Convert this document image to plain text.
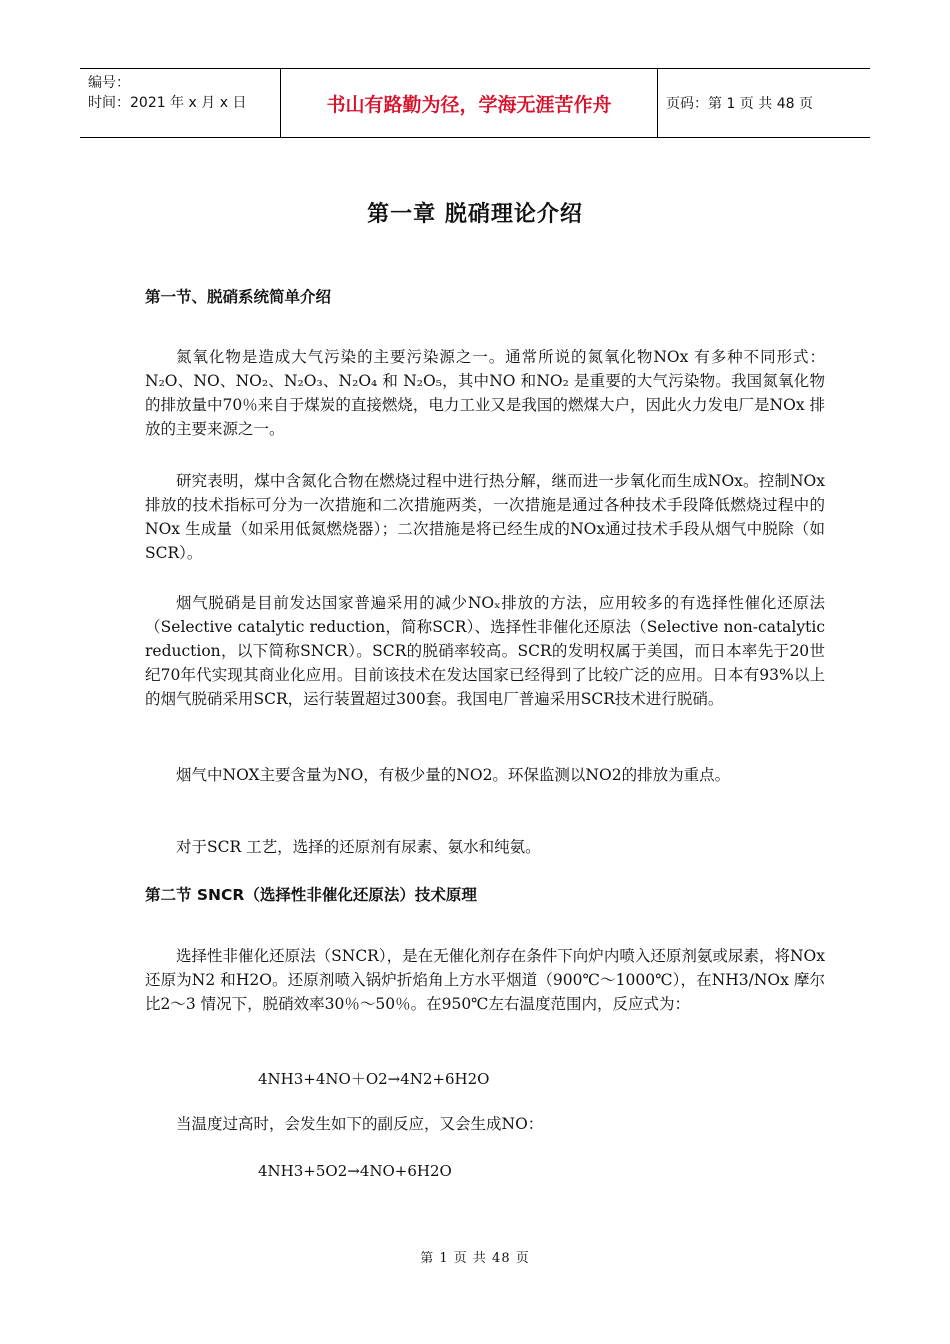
编号：
时间：2021 年 x 月 x 日	书山有路勤为径，学海无涯苦作舟	页码：第 1 页 共 48 页
第一章 脱硝理论介绍
第一节、脱硝系统简单介绍
氮氧化物是造成大气污染的主要污染源之一。通常所说的氮氧化物NOx 有多种不同形式：N₂O、NO、NO₂、N₂O₃、N₂O₄ 和 N₂O₅，其中NO 和NO₂ 是重要的大气污染物。我国氮氧化物的排放量中70％来自于煤炭的直接燃烧，电力工业又是我国的燃煤大户，因此火力发电厂是NOx 排放的主要来源之一。
研究表明，煤中含氮化合物在燃烧过程中进行热分解，继而进一步氧化而生成NOx。控制NOx 排放的技术指标可分为一次措施和二次措施两类，一次措施是通过各种技术手段降低燃烧过程中的NOx 生成量（如采用低氮燃烧器）；二次措施是将已经生成的NOx通过技术手段从烟气中脱除（如SCR）。
烟气脱硝是目前发达国家普遍采用的减少NOₓ排放的方法，应用较多的有选择性催化还原法（Selective catalytic reduction，简称SCR）、选择性非催化还原法（Selective non-catalytic reduction，以下简称SNCR）。SCR的脱硝率较高。SCR的发明权属于美国，而日本率先于20世纪70年代实现其商业化应用。目前该技术在发达国家已经得到了比较广泛的应用。日本有93%以上的烟气脱硝采用SCR，运行装置超过300套。我国电厂普遍采用SCR技术进行脱硝。
烟气中NOX主要含量为NO，有极少量的NO2。环保监测以NO2的排放为重点。
对于SCR 工艺，选择的还原剂有尿素、氨水和纯氨。
第二节 SNCR（选择性非催化还原法）技术原理
选择性非催化还原法（SNCR），是在无催化剂存在条件下向炉内喷入还原剂氨或尿素，将NOx 还原为N2 和H2O。还原剂喷入锅炉折焰角上方水平烟道（900℃～1000℃），在NH3/NOx 摩尔比2～3 情况下，脱硝效率30％～50％。在950℃左右温度范围内，反应式为：
4NH3+4NO＋O2→4N2+6H2O
当温度过高时，会发生如下的副反应，又会生成NO：
4NH3+5O2→4NO+6H2O
第 1 页 共 48 页
